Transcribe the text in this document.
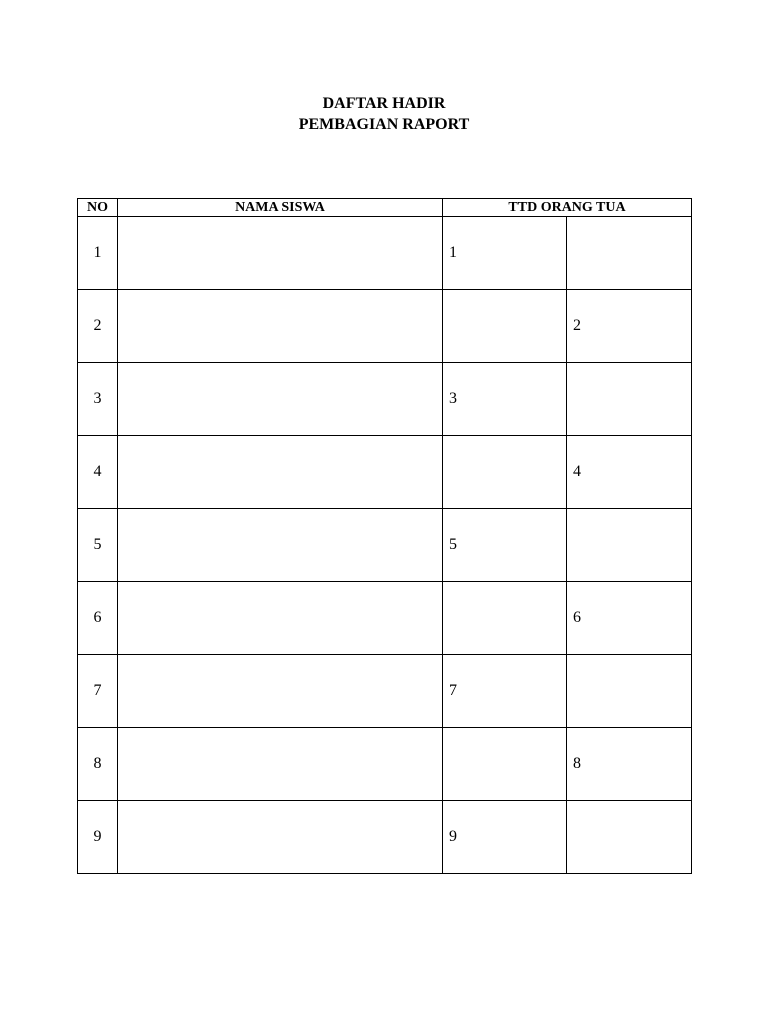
DAFTAR HADIR
PEMBAGIAN RAPORT
NO	NAMA SISWA	TTD ORANG TUA	
1		1	
2			2
3		3	
4			4
5		5	
6			6
7		7	
8			8
9		9	
